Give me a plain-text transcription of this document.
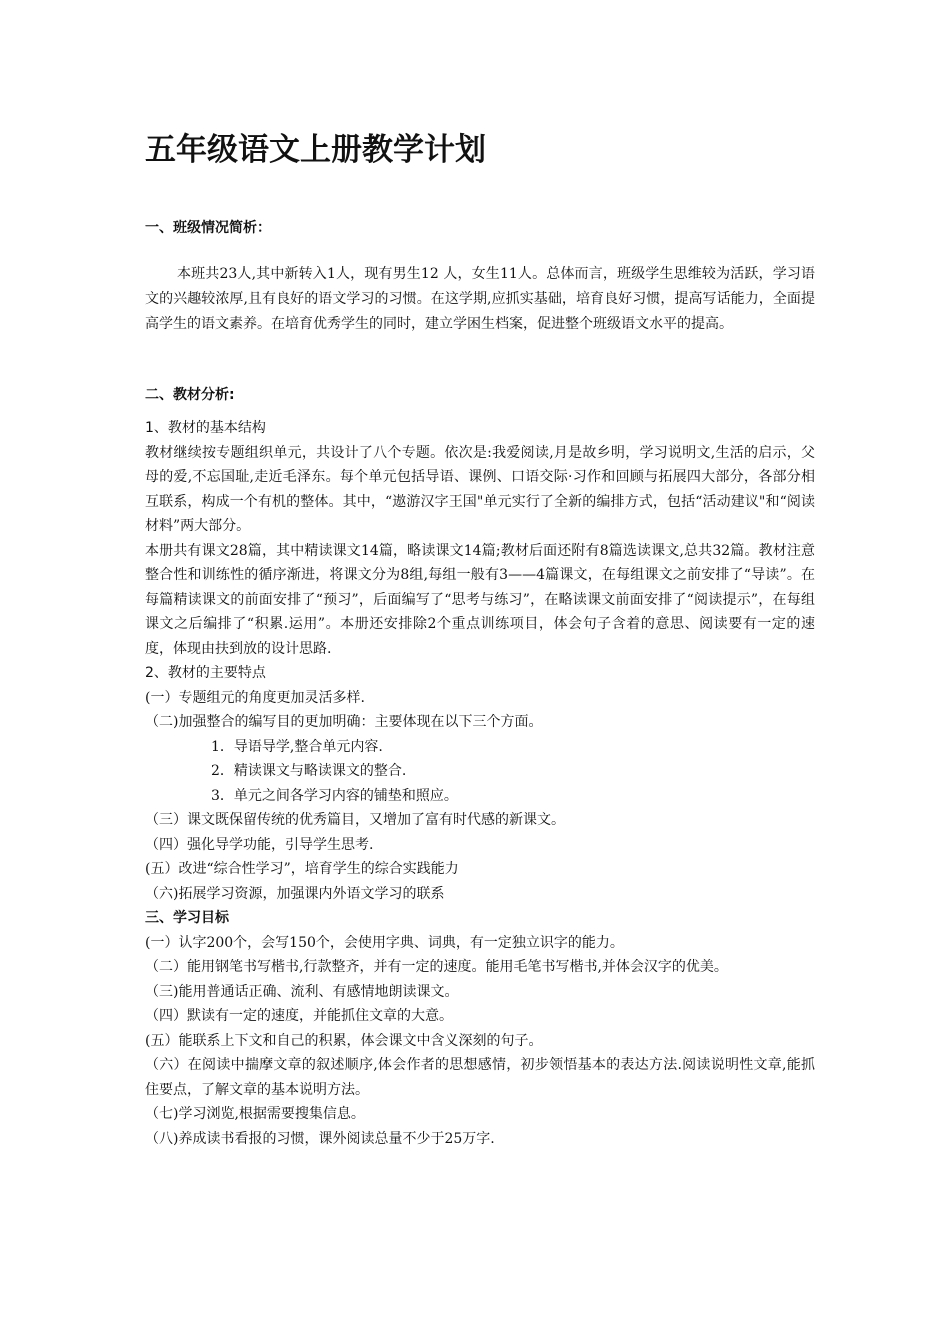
五年级语文上册教学计划
一、班级情况简析：
本班共23人,其中新转入1人，现有男生12 人，女生11人。总体而言，班级学生思维较为活跃，学习语文的兴趣较浓厚,且有良好的语文学习的习惯。在这学期,应抓实基础，培育良好习惯，提高写话能力，全面提高学生的语文素养。在培育优秀学生的同时，建立学困生档案，促进整个班级语文水平的提高。
二、教材分析:
1、教材的基本结构
教材继续按专题组织单元，共设计了八个专题。依次是:我爱阅读,月是故乡明，学习说明文,生活的启示，父母的爱,不忘国耻,走近毛泽东。每个单元包括导语、课例、口语交际·习作和回顾与拓展四大部分，各部分相互联系，构成一个有机的整体。其中，“遨游汉字王国"单元实行了全新的编排方式，包括“活动建议"和“阅读材料”两大部分。
本册共有课文28篇，其中精读课文14篇，略读课文14篇;教材后面还附有8篇选读课文,总共32篇。教材注意整合性和训练性的循序渐进，将课文分为8组,每组一般有3——4篇课文，在每组课文之前安排了“导读”。在每篇精读课文的前面安排了“预习”，后面编写了“思考与练习”，在略读课文前面安排了“阅读提示”，在每组课文之后编排了“积累.运用”。本册还安排除2个重点训练项目，体会句子含着的意思、阅读要有一定的速度，体现由扶到放的设计思路.
2、教材的主要特点
(一）专题组元的角度更加灵活多样.
（二)加强整合的编写目的更加明确：主要体现在以下三个方面。
1．导语导学,整合单元内容.
2．精读课文与略读课文的整合.
3．单元之间各学习内容的铺垫和照应。
（三）课文既保留传统的优秀篇目，又增加了富有时代感的新课文。
（四）强化导学功能，引导学生思考.
(五）改进“综合性学习”，培育学生的综合实践能力
（六)拓展学习资源，加强课内外语文学习的联系
三、学习目标
(一）认字200个，会写150个，会使用字典、词典，有一定独立识字的能力。
（二）能用钢笔书写楷书,行款整齐，并有一定的速度。能用毛笔书写楷书,并体会汉字的优美。
（三)能用普通话正确、流利、有感情地朗读课文。
（四）默读有一定的速度，并能抓住文章的大意。
(五）能联系上下文和自己的积累，体会课文中含义深刻的句子。
（六）在阅读中揣摩文章的叙述顺序,体会作者的思想感情，初步领悟基本的表达方法.阅读说明性文章,能抓住要点，了解文章的基本说明方法。
（七)学习浏览,根据需要搜集信息。
（八)养成读书看报的习惯，课外阅读总量不少于25万字.
